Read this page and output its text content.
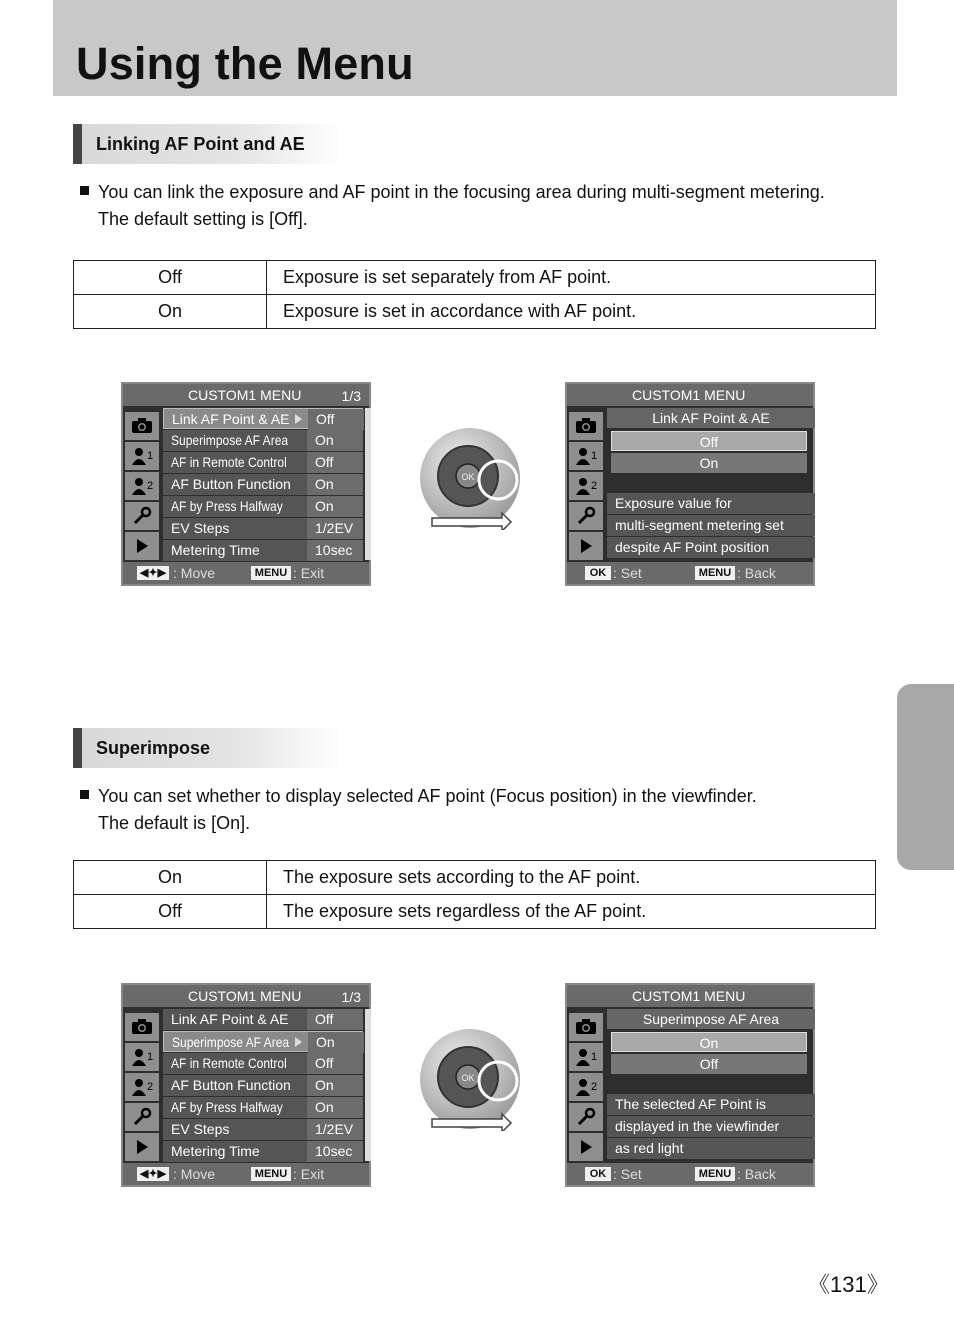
Using the Menu
Linking AF Point and AE
You can link the exposure and AF point in the focusing area during multi-segment metering.
The default setting is [Off].
Off	Exposure is set separately from AF point.
On	Exposure is set in accordance with AF point.
Superimpose
You can set whether to display selected AF point (Focus position) in the viewfinder.
The default is [On].
On	The exposure sets according to the AF point.
Off	The exposure sets regardless of the AF point.
CUSTOM1 MENU	1/3
1
2
Link AF Point & AE Off
Superimpose AF Area On
AF in Remote Control Off
AF Button Function On
AF by Press Halfway On
EV Steps	1/2EV
Metering Time	10sec
◀✦▶ : Move	MENU : Exit
CUSTOM1 MENU
1
2
Link AF Point & AE
Off
On
Exposure value for
multi-segment metering set
despite AF Point position
OK : Set	MENU : Back
CUSTOM1 MENU	1/3
1
2
Link AF Point & AE Off
Superimpose AF Area On
AF in Remote Control Off
AF Button Function On
AF by Press Halfway On
EV Steps	1/2EV
Metering Time	10sec
◀✦▶ : Move	MENU : Exit
CUSTOM1 MENU
1
2
Superimpose AF Area
On
Off
The selected AF Point is
displayed in the viewfinder
as red light
OK : Set	MENU : Back
OK
OK
《131》
